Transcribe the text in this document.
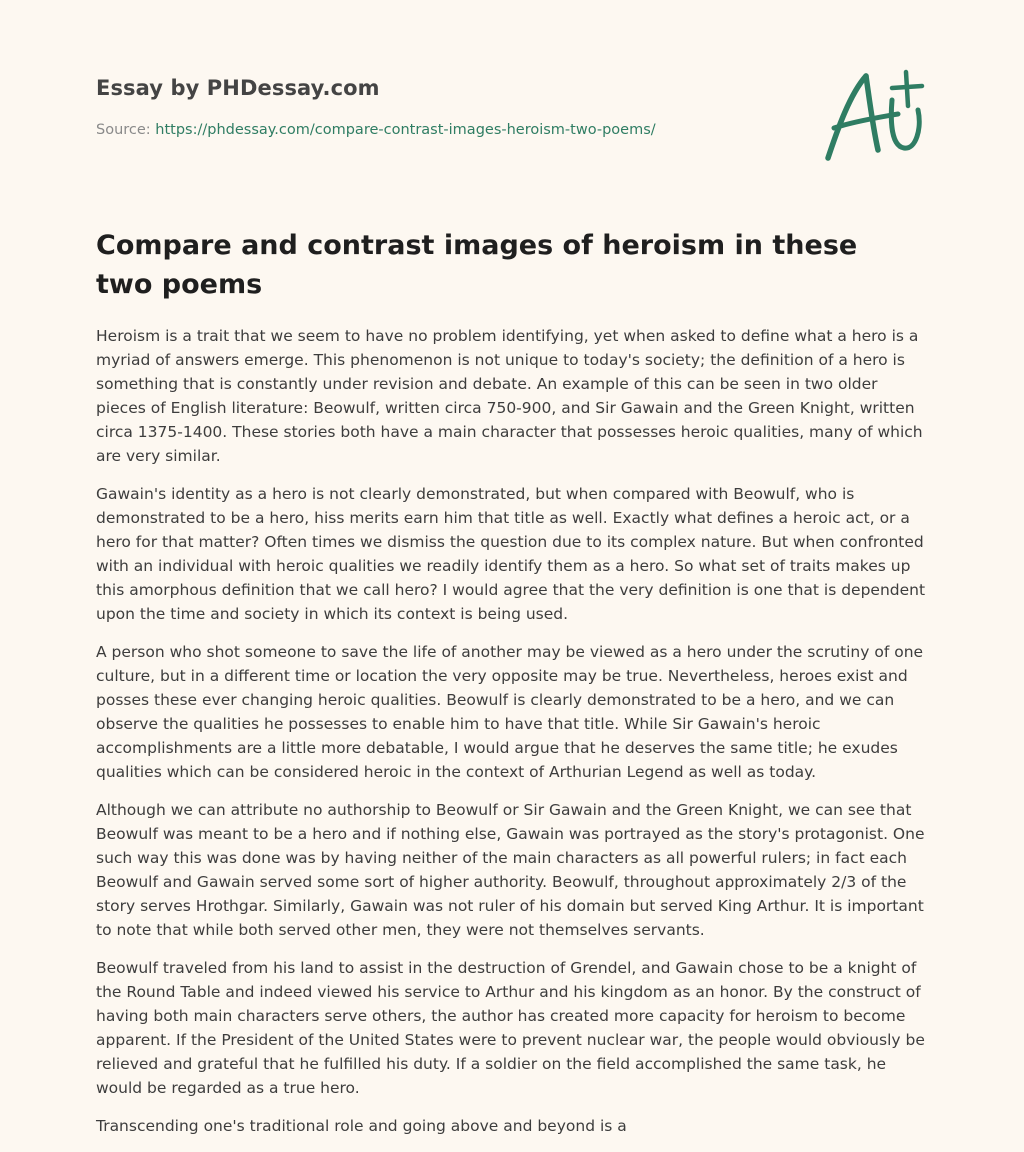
Essay by PHDessay.com
Source: https://phdessay.com/compare-contrast-images-heroism-two-poems/
Compare and contrast images of heroism in these two poems

Heroism is a trait that we seem to have no problem identifying, yet when asked to define what a hero is a myriad of answers emerge. This phenomenon is not unique to today's society; the definition of a hero is something that is constantly under revision and debate. An example of this can be seen in two older pieces of English literature: Beowulf, written circa 750-900, and Sir Gawain and the Green Knight, written circa 1375-1400. These stories both have a main character that possesses heroic qualities, many of which are very similar.

Gawain's identity as a hero is not clearly demonstrated, but when compared with Beowulf, who is demonstrated to be a hero, hiss merits earn him that title as well. Exactly what defines a heroic act, or a hero for that matter? Often times we dismiss the question due to its complex nature. But when confronted with an individual with heroic qualities we readily identify them as a hero. So what set of traits makes up this amorphous definition that we call hero? I would agree that the very definition is one that is dependent upon the time and society in which its context is being used.

A person who shot someone to save the life of another may be viewed as a hero under the scrutiny of one culture, but in a different time or location the very opposite may be true. Nevertheless, heroes exist and posses these ever changing heroic qualities. Beowulf is clearly demonstrated to be a hero, and we can observe the qualities he possesses to enable him to have that title. While Sir Gawain's heroic accomplishments are a little more debatable, I would argue that he deserves the same title; he exudes qualities which can be considered heroic in the context of Arthurian Legend as well as today.

Although we can attribute no authorship to Beowulf or Sir Gawain and the Green Knight, we can see that Beowulf was meant to be a hero and if nothing else, Gawain was portrayed as the story's protagonist. One such way this was done was by having neither of the main characters as all powerful rulers; in fact each Beowulf and Gawain served some sort of higher authority. Beowulf, throughout approximately 2/3 of the story serves Hrothgar. Similarly, Gawain was not ruler of his domain but served King Arthur. It is important to note that while both served other men, they were not themselves servants.

Beowulf traveled from his land to assist in the destruction of Grendel, and Gawain chose to be a knight of the Round Table and indeed viewed his service to Arthur and his kingdom as an honor. By the construct of having both main characters serve others, the author has created more capacity for heroism to become apparent. If the President of the United States were to prevent nuclear war, the people would obviously be relieved and grateful that he fulfilled his duty. If a soldier on the field accomplished the same task, he would be regarded as a true hero.

Transcending one's traditional role and going above and beyond is a
